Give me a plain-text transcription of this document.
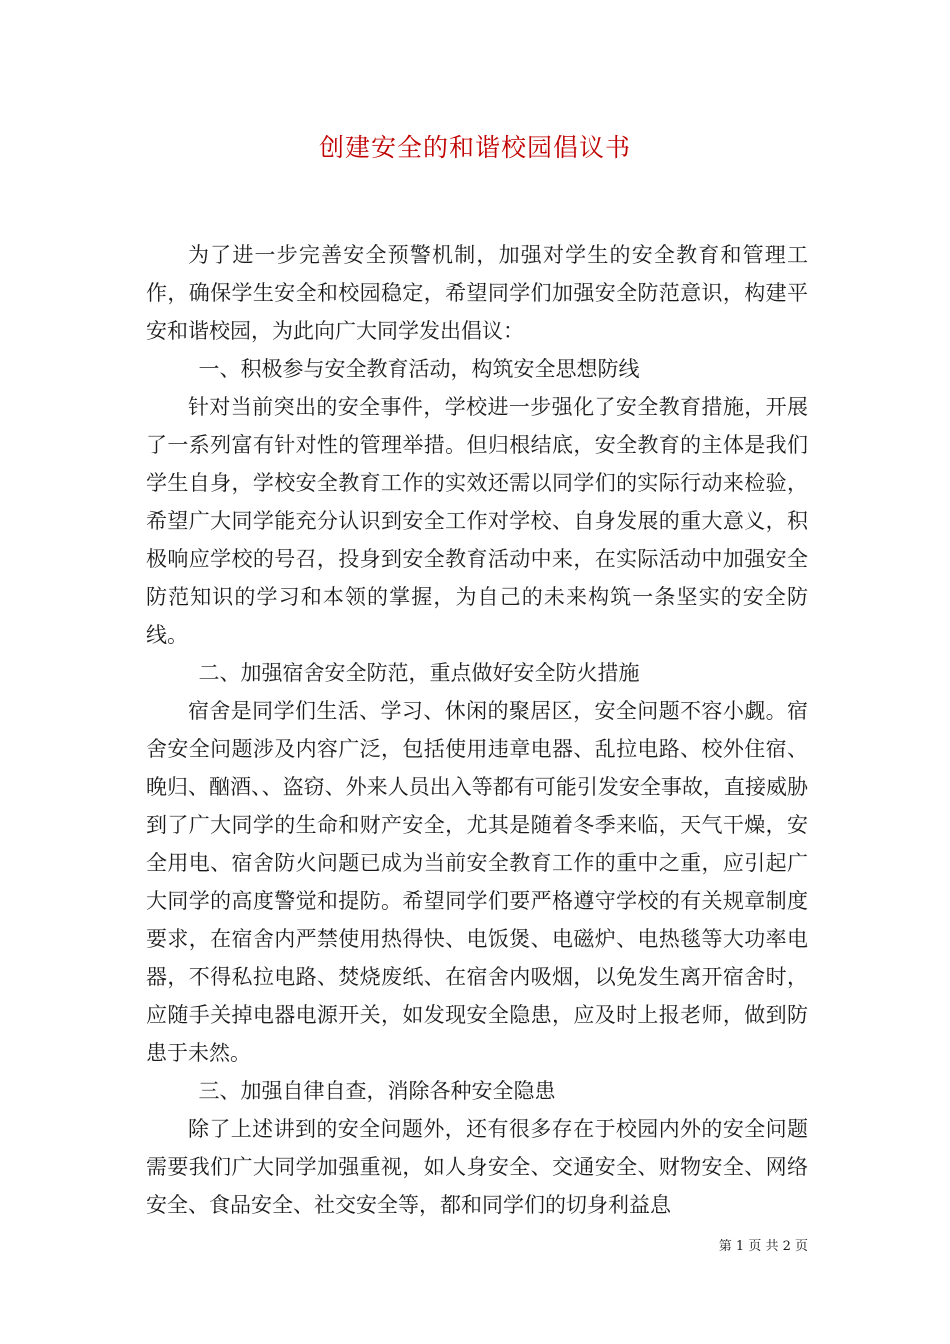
创建安全的和谐校园倡议书

为了进一步完善安全预警机制，加强对学生的安全教育和管理工作，确保学生安全和校园稳定，希望同学们加强安全防范意识，构建平安和谐校园，为此向广大同学发出倡议：

一、积极参与安全教育活动，构筑安全思想防线

针对当前突出的安全事件，学校进一步强化了安全教育措施，开展了一系列富有针对性的管理举措。但归根结底，安全教育的主体是我们学生自身，学校安全教育工作的实效还需以同学们的实际行动来检验，希望广大同学能充分认识到安全工作对学校、自身发展的重大意义，积极响应学校的号召，投身到安全教育活动中来，在实际活动中加强安全防范知识的学习和本领的掌握，为自己的未来构筑一条坚实的安全防线。

二、加强宿舍安全防范，重点做好安全防火措施

宿舍是同学们生活、学习、休闲的聚居区，安全问题不容小觑。宿舍安全问题涉及内容广泛，包括使用违章电器、乱拉电路、校外住宿、晚归、酗酒、、盗窃、外来人员出入等都有可能引发安全事故，直接威胁到了广大同学的生命和财产安全，尤其是随着冬季来临，天气干燥，安全用电、宿舍防火问题已成为当前安全教育工作的重中之重，应引起广大同学的高度警觉和提防。希望同学们要严格遵守学校的有关规章制度要求，在宿舍内严禁使用热得快、电饭煲、电磁炉、电热毯等大功率电器，不得私拉电路、焚烧废纸、在宿舍内吸烟，以免发生离开宿舍时，应随手关掉电器电源开关，如发现安全隐患，应及时上报老师，做到防患于未然。

三、加强自律自查，消除各种安全隐患

除了上述讲到的安全问题外，还有很多存在于校园内外的安全问题需要我们广大同学加强重视，如人身安全、交通安全、财物安全、网络安全、食品安全、社交安全等，都和同学们的切身利益息

第 1 页 共 2 页
